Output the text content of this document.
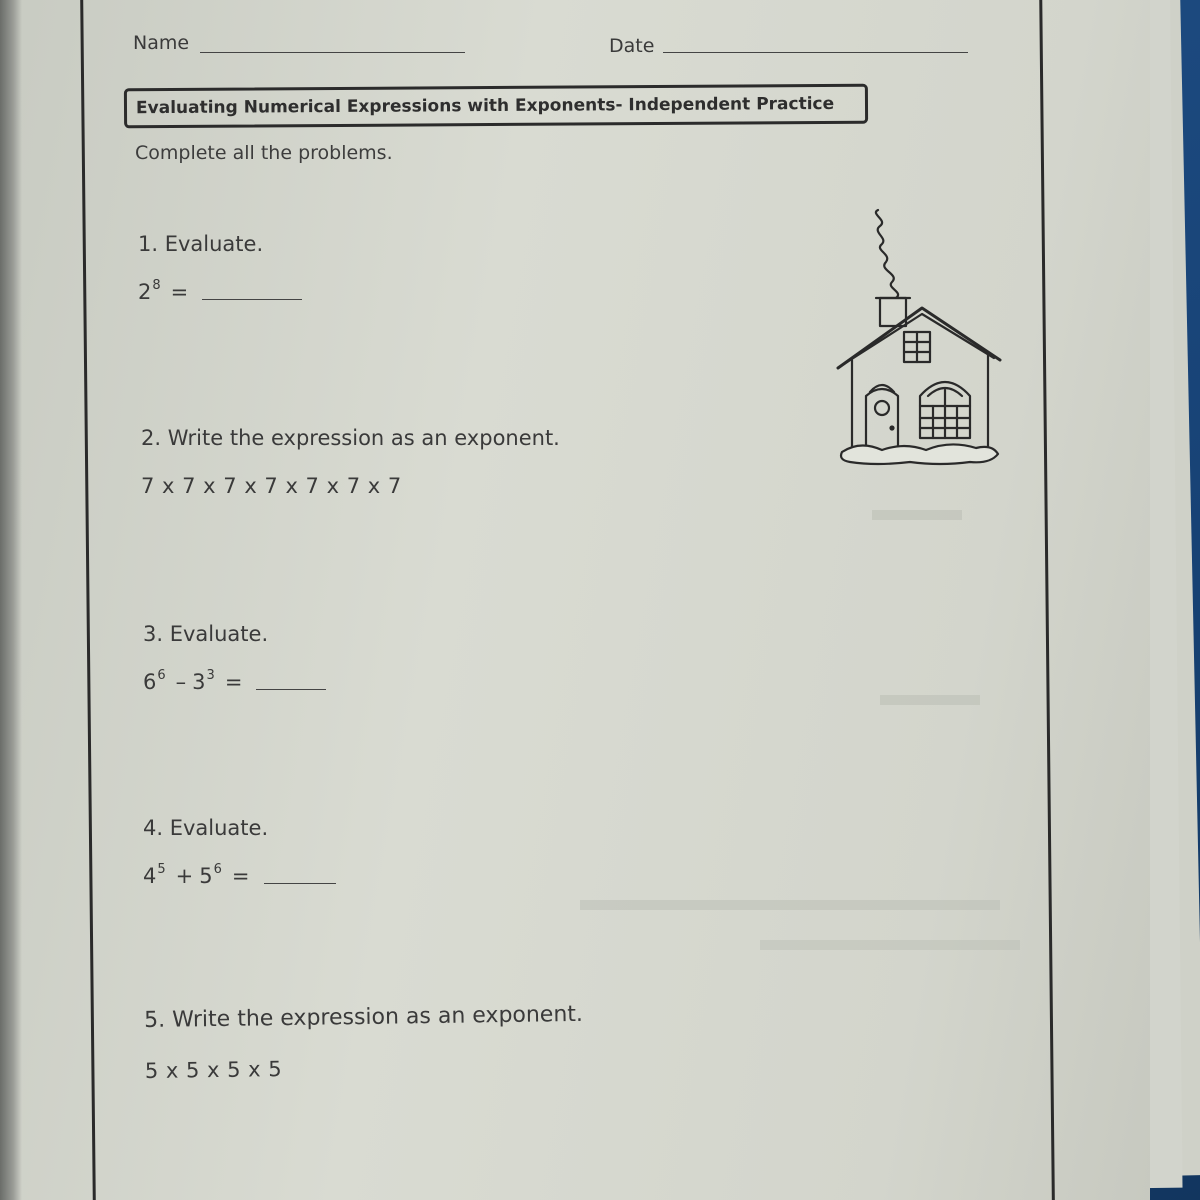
Name	Date
Evaluating Numerical Expressions with Exponents- Independent Practice
Complete all the problems.
1. Evaluate.
2 8 =
2. Write the expression as an exponent.
7 x 7 x 7 x 7 x 7 x 7 x 7
3. Evaluate.
6 6 – 3 3 =
4. Evaluate.
4 5 + 5 6 =
5. Write the expression as an exponent.
5 x 5 x 5 x 5
